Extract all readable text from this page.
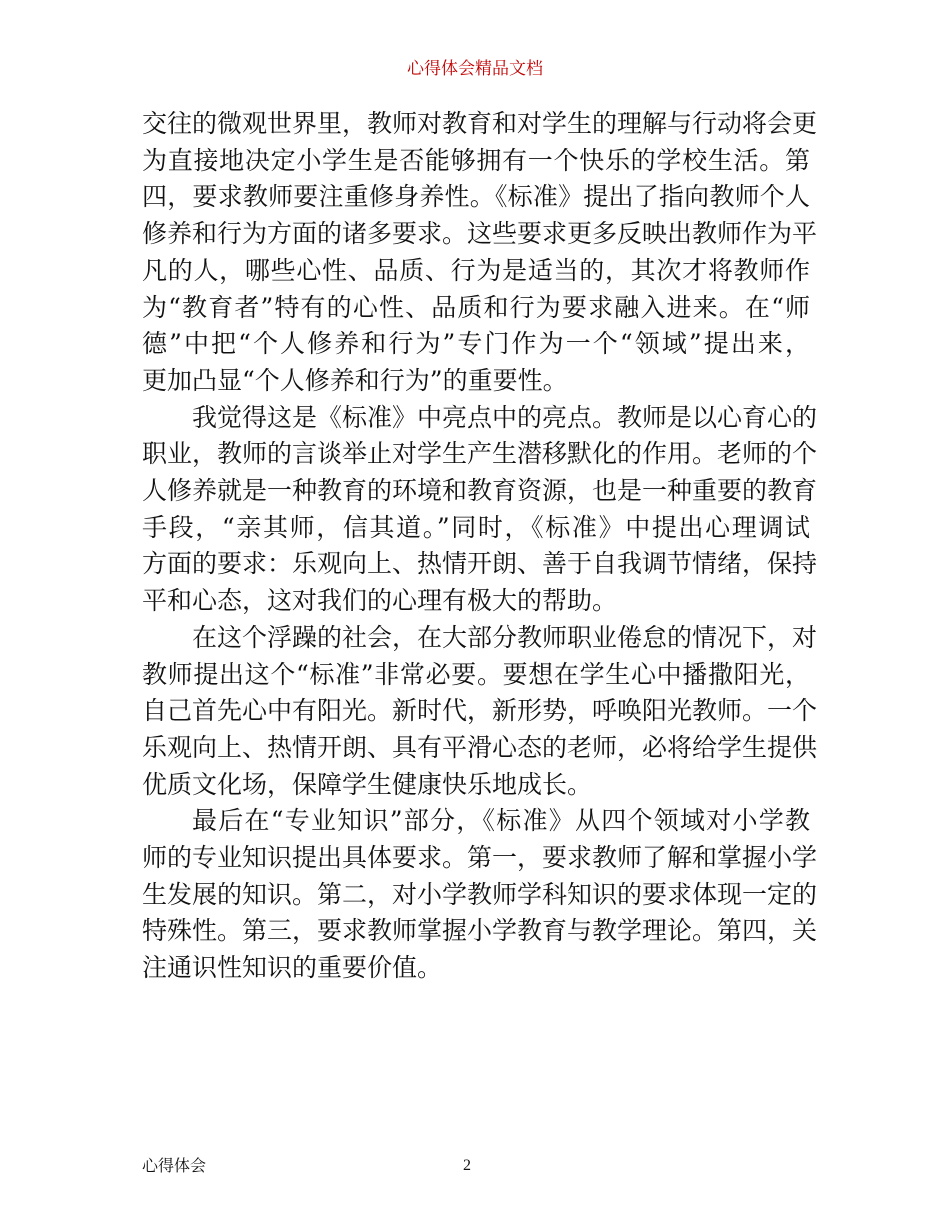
心得体会精品文档
交往的微观世界里，教师对教育和对学生的理解与行动将会更
为直接地决定小学生是否能够拥有一个快乐的学校生活。第
四，要求教师要注重修身养性。《标准》提出了指向教师个人
修养和行为方面的诸多要求。这些要求更多反映出教师作为平
凡的人，哪些心性、品质、行为是适当的，其次才将教师作
为“教育者”特有的心性、品质和行为要求融入进来。在“师
德”中把“个人修养和行为”专门作为一个“领域”提出来，
更加凸显“个人修养和行为”的重要性。
我觉得这是《标准》中亮点中的亮点。教师是以心育心的
职业，教师的言谈举止对学生产生潜移默化的作用。老师的个
人修养就是一种教育的环境和教育资源，也是一种重要的教育
手段，“亲其师，信其道。”同时，《标准》中提出心理调试
方面的要求：乐观向上、热情开朗、善于自我调节情绪，保持
平和心态，这对我们的心理有极大的帮助。
在这个浮躁的社会，在大部分教师职业倦怠的情况下，对
教师提出这个“标准”非常必要。要想在学生心中播撒阳光，
自己首先心中有阳光。新时代，新形势，呼唤阳光教师。一个
乐观向上、热情开朗、具有平滑心态的老师，必将给学生提供
优质文化场，保障学生健康快乐地成长。
最后在“专业知识”部分，《标准》从四个领域对小学教
师的专业知识提出具体要求。第一，要求教师了解和掌握小学
生发展的知识。第二，对小学教师学科知识的要求体现一定的
特殊性。第三，要求教师掌握小学教育与教学理论。第四，关
注通识性知识的重要价值。
心得体会	2
